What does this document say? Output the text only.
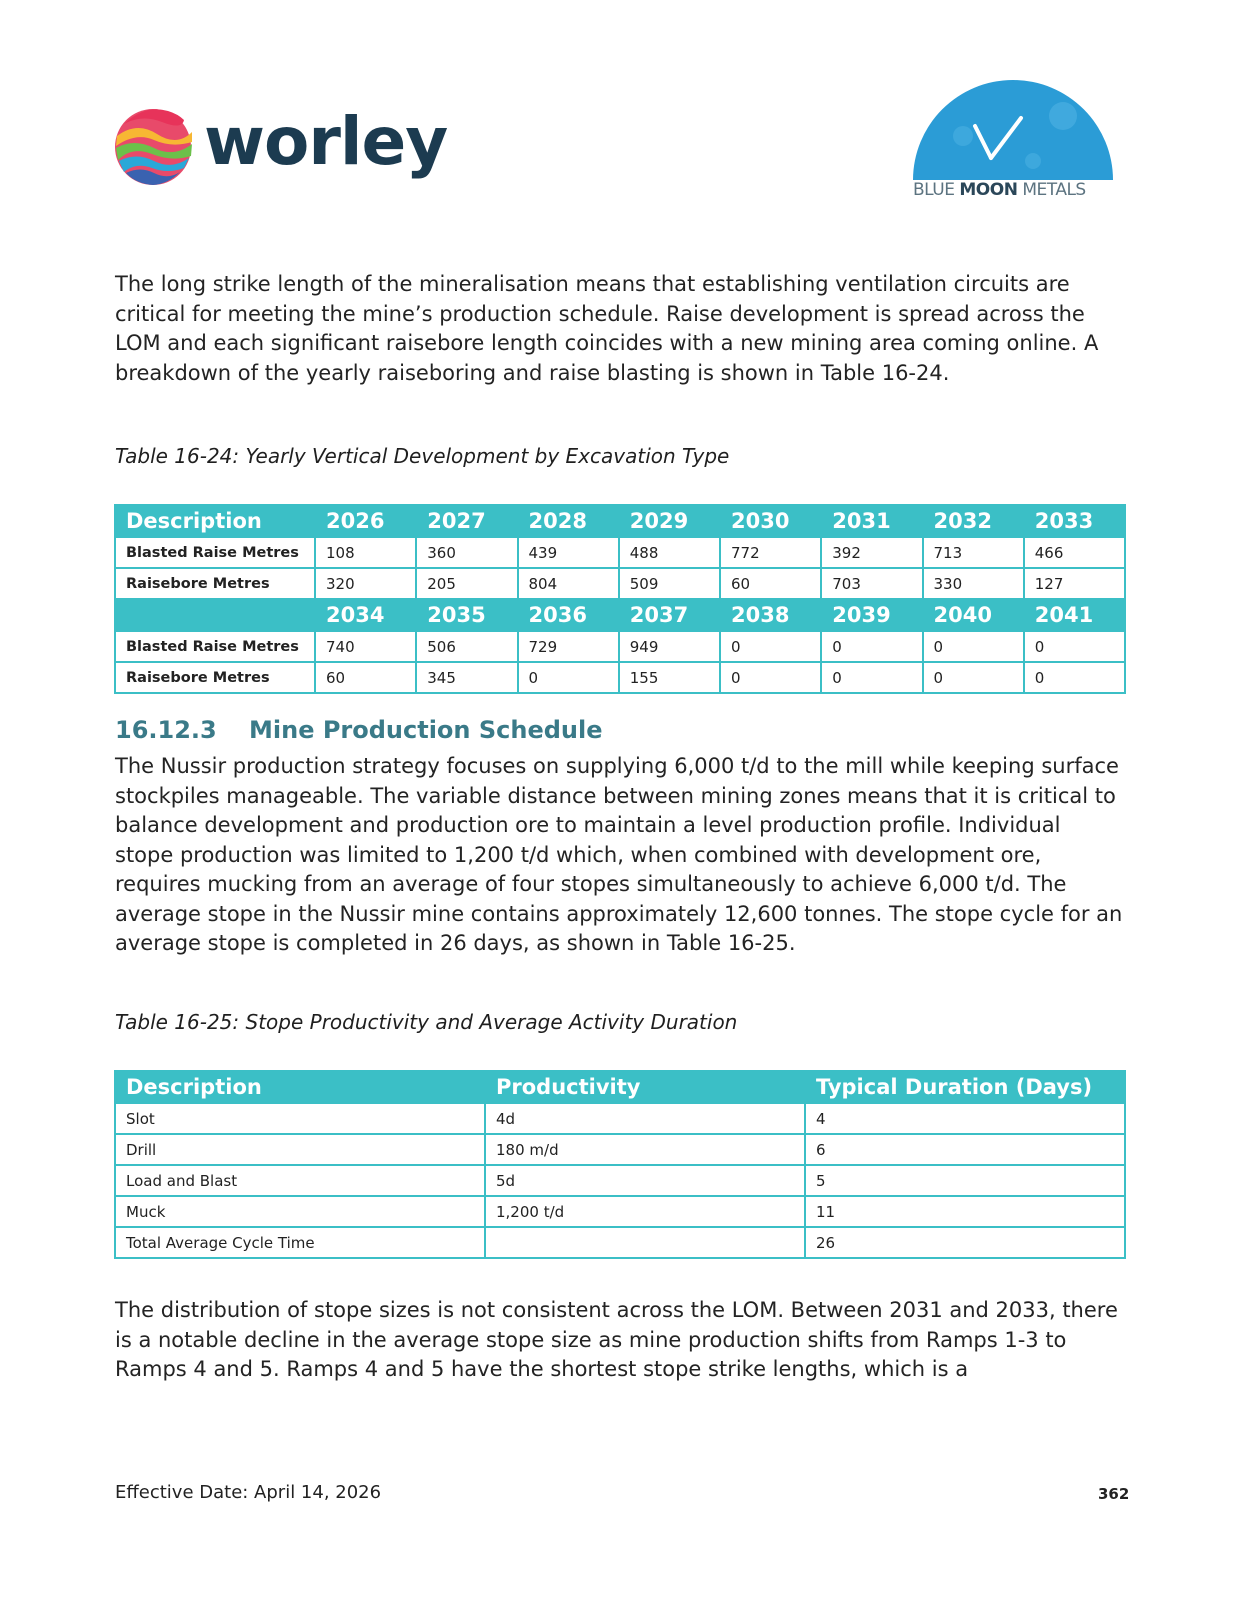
worley
BLUE MOON METALS

The long strike length of the mineralisation means that establishing ventilation circuits are critical for meeting the mine’s production schedule. Raise development is spread across the LOM and each significant raisebore length coincides with a new mining area coming online. A breakdown of the yearly raiseboring and raise blasting is shown in Table 16-24.

Table 16-24: Yearly Vertical Development by Excavation Type

Description	2026	2027	2028	2029	2030	2031	2032	2033
Blasted Raise Metres	108	360	439	488	772	392	713	466
Raisebore Metres	320	205	804	509	60	703	330	127
	2034	2035	2036	2037	2038	2039	2040	2041
Blasted Raise Metres	740	506	729	949	0	0	0	0
Raisebore Metres	60	345	0	155	0	0	0	0
16.12.3 Mine Production Schedule

The Nussir production strategy focuses on supplying 6,000 t/d to the mill while keeping surface stockpiles manageable. The variable distance between mining zones means that it is critical to balance development and production ore to maintain a level production profile. Individual stope production was limited to 1,200 t/d which, when combined with development ore, requires mucking from an average of four stopes simultaneously to achieve 6,000 t/d. The average stope in the Nussir mine contains approximately 12,600 tonnes. The stope cycle for an average stope is completed in 26 days, as shown in Table 16-25.

Table 16-25: Stope Productivity and Average Activity Duration

Description	Productivity	Typical Duration (Days)
Slot	4d	4
Drill	180 m/d	6
Load and Blast	5d	5
Muck	1,200 t/d	11
Total Average Cycle Time		26

The distribution of stope sizes is not consistent across the LOM. Between 2031 and 2033, there is a notable decline in the average stope size as mine production shifts from Ramps 1-3 to Ramps 4 and 5. Ramps 4 and 5 have the shortest stope strike lengths, which is a

Effective Date: April 14, 2026	362
